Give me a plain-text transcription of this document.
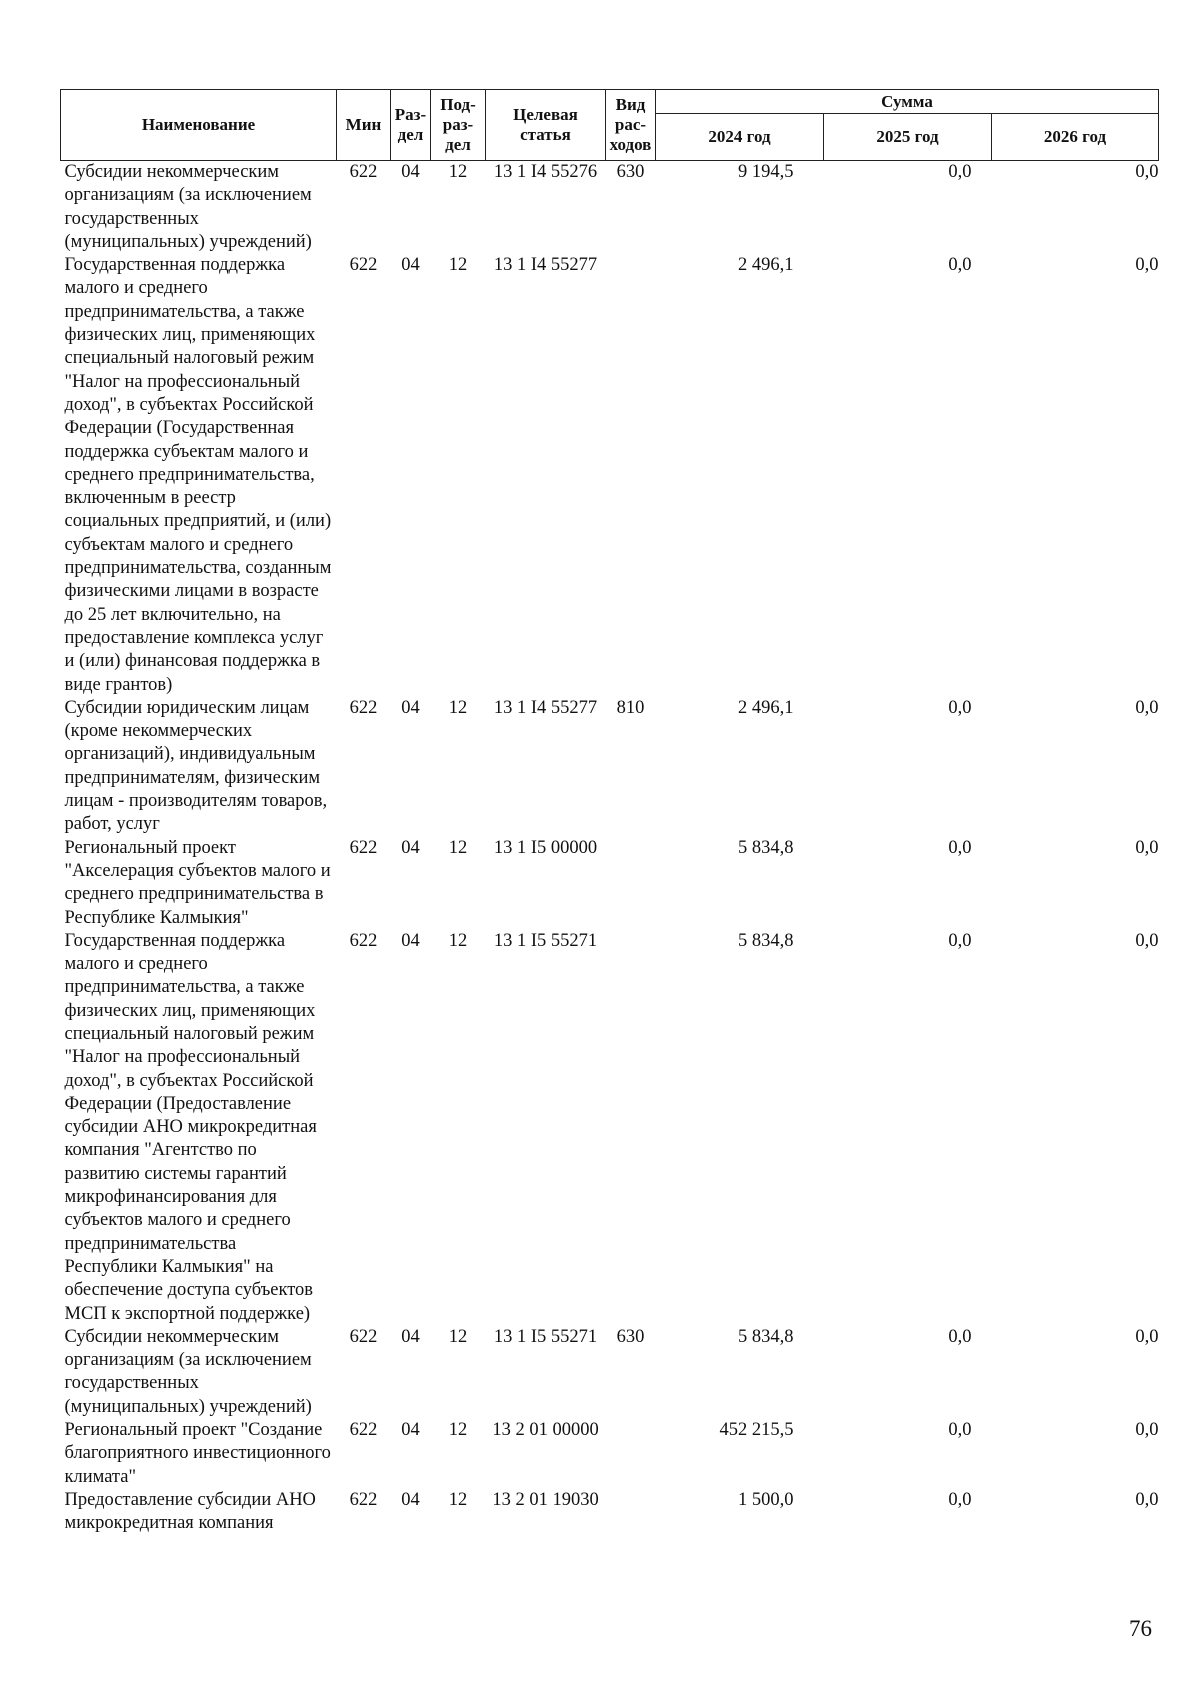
Наименование	Мин	Раз-дел	Под-раз-дел	Целевая статья	Вид рас-ходов	Сумма		
						2024 год	2025 год	2026 год
Субсидии некоммерческим организациям (за исключением государственных (муниципальных) учреждений)	622	04	12	13 1 I4 55276	630	9 194,5	0,0	0,0
Государственная поддержка малого и среднего предпринимательства, а также физических лиц, применяющих специальный налоговый режим "Налог на профессиональный доход", в субъектах Российской Федерации (Государственная поддержка субъектам малого и среднего предпринимательства, включенным в реестр социальных предприятий, и (или) субъектам малого и среднего предпринимательства, созданным физическими лицами в возрасте до 25 лет включительно, на предоставление комплекса услуг и (или) финансовая поддержка в виде грантов)	622	04	12	13 1 I4 55277		2 496,1	0,0	0,0
Субсидии юридическим лицам (кроме некоммерческих организаций), индивидуальным предпринимателям, физическим лицам - производителям товаров, работ, услуг	622	04	12	13 1 I4 55277	810	2 496,1	0,0	0,0
Региональный проект "Акселерация субъектов малого и среднего предпринимательства в Республике Калмыкия"	622	04	12	13 1 I5 00000		5 834,8	0,0	0,0
Государственная поддержка малого и среднего предпринимательства, а также физических лиц, применяющих специальный налоговый режим "Налог на профессиональный доход", в субъектах Российской Федерации (Предоставление субсидии АНО микрокредитная компания "Агентство по развитию системы гарантий микрофинансирования для субъектов малого и среднего предпринимательства Республики Калмыкия" на обеспечение доступа субъектов МСП к экспортной поддержке)	622	04	12	13 1 I5 55271		5 834,8	0,0	0,0
Субсидии некоммерческим организациям (за исключением государственных (муниципальных) учреждений)	622	04	12	13 1 I5 55271	630	5 834,8	0,0	0,0
Региональный проект "Создание благоприятного инвестиционного климата"	622	04	12	13 2 01 00000		452 215,5	0,0	0,0
Предоставление субсидии АНО микрокредитная компания	622	04	12	13 2 01 19030		1 500,0	0,0	0,0
76
